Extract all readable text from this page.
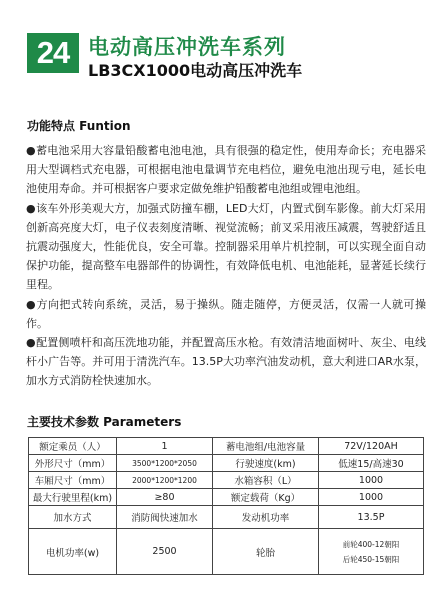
24 电动高压冲洗车系列
LB3CX1000电动高压冲洗车
功能特点 Funtion

●蓄电池采用大容量铅酸蓄电池电池，具有很强的稳定性，使用寿命长；充电器采用大型调档式充电器，可根据电池电量调节充电档位，避免电池出现亏电，延长电池使用寿命。并可根据客户要求定做免维护铅酸蓄电池组或锂电池组。

●该车外形美观大方，加强式防撞车棚，LED大灯，内置式倒车影像。前大灯采用创新高亮度大灯，电子仪表刻度清晰、视觉流畅；前叉采用液压减震，驾驶舒适且抗震动强度大，性能优良，安全可靠。控制器采用单片机控制，可以实现全面自动保护功能，提高整车电器部件的协调性，有效降低电机、电池能耗，显著延长续行里程。

●方向把式转向系统，灵活，易于操纵。随走随停，方便灵活，仅需一人就可操作。

●配置侧喷杆和高压洗地功能，并配置高压水枪。有效清洁地面树叶、灰尘、电线杆小广告等。并可用于清洗汽车。13.5P大功率汽油发动机，意大利进口AR水泵，加水方式消防栓快速加水。

主要技术参数 Parameters
额定乘员（人）	1	蓄电池组/电池容量	72V/120AH
外形尺寸（mm）	3500*1200*2050	行驶速度(km)	低速15/高速30
车厢尺寸（mm）	2000*1200*1200	水箱容积（L）	1000
最大行驶里程(km)	≥80	额定载荷（Kg）	1000
加水方式	消防阀快速加水	发动机功率	13.5P
电机功率(w)	2500	轮胎	前轮400-12朝阳
后轮450-15朝阳
